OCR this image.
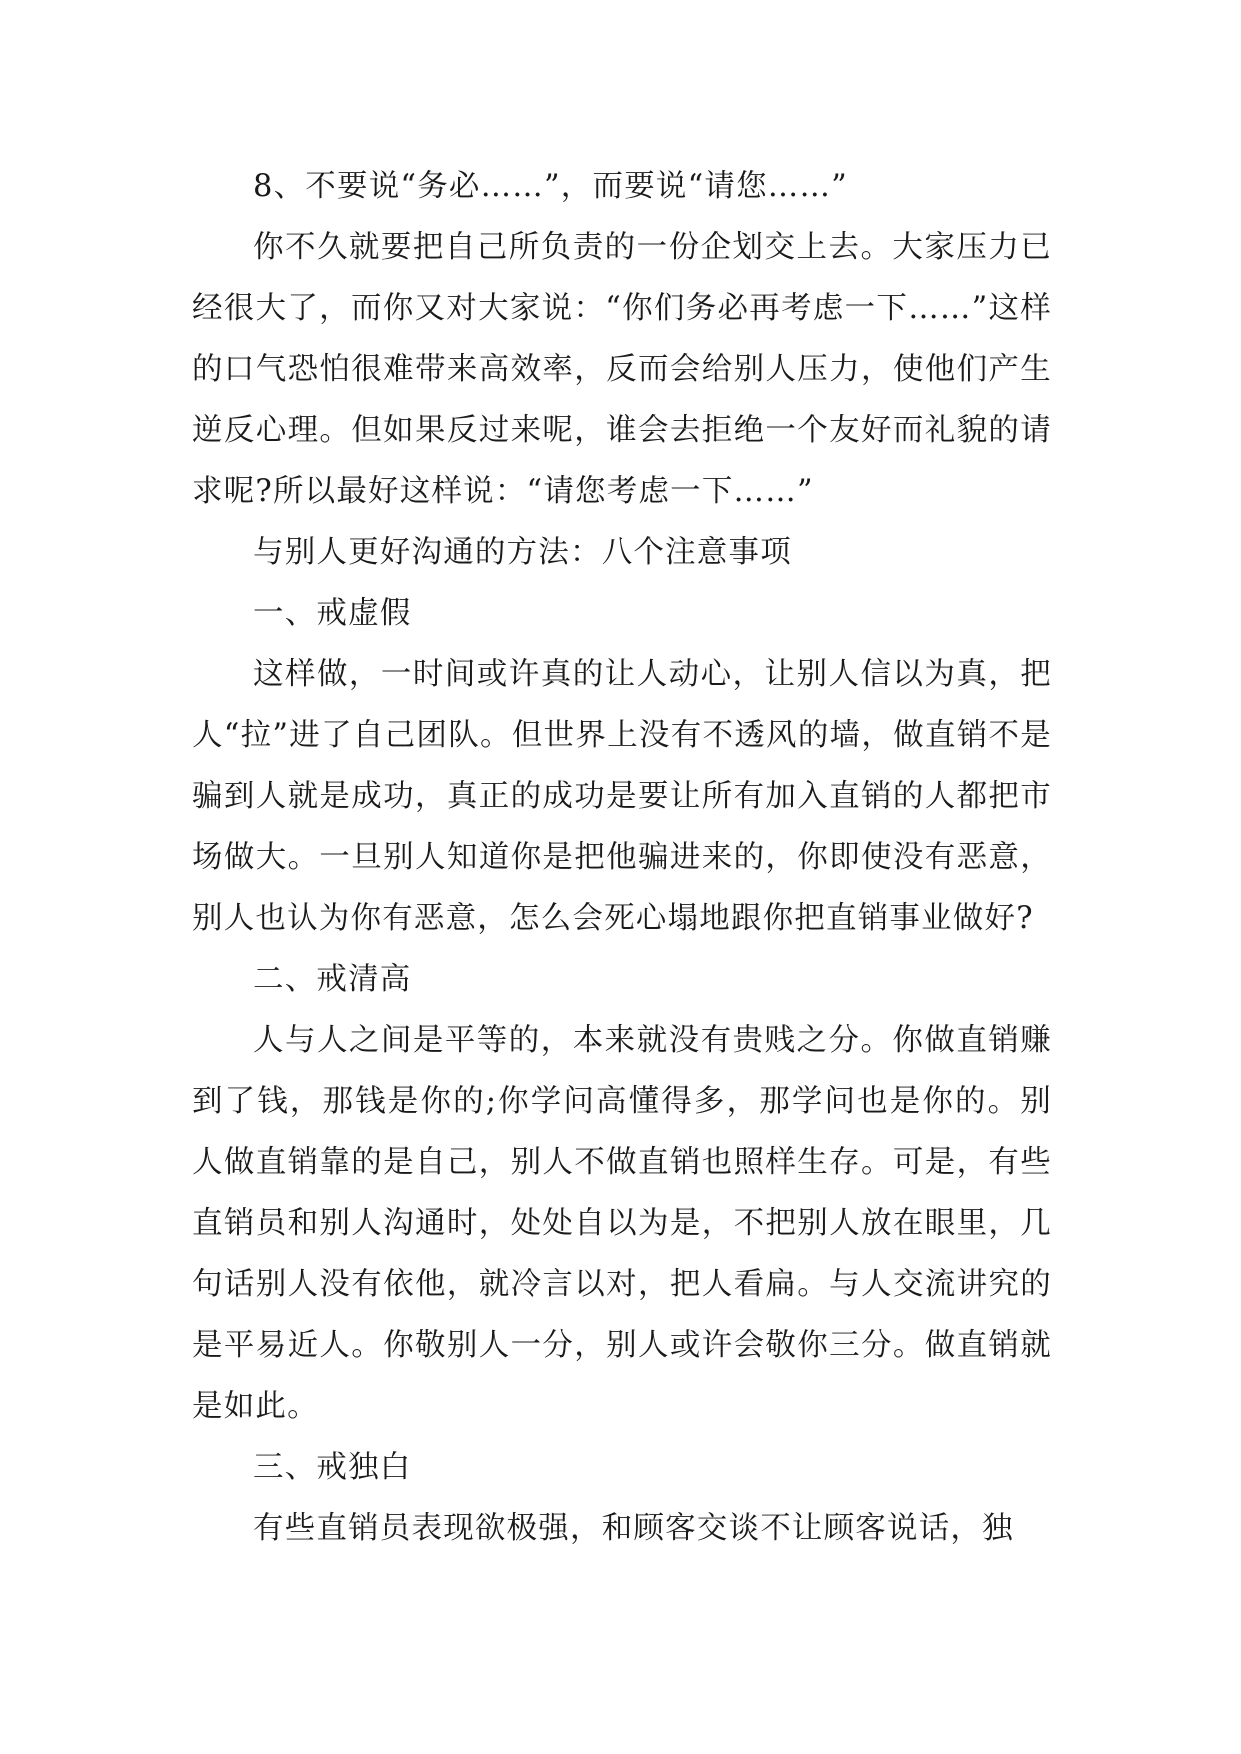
8、不要说“务必……”，而要说“请您……”

你不久就要把自己所负责的一份企划交上去。大家压力已经很大了，而你又对大家说：“你们务必再考虑一下……”这样的口气恐怕很难带来高效率，反而会给别人压力，使他们产生逆反心理。但如果反过来呢，谁会去拒绝一个友好而礼貌的请求呢?所以最好这样说：“请您考虑一下……”

与别人更好沟通的方法：八个注意事项

一、戒虚假

这样做，一时间或许真的让人动心，让别人信以为真，把人“拉”进了自己团队。但世界上没有不透风的墙，做直销不是骗到人就是成功，真正的成功是要让所有加入直销的人都把市场做大。一旦别人知道你是把他骗进来的，你即使没有恶意，别人也认为你有恶意，怎么会死心塌地跟你把直销事业做好?

二、戒清高

人与人之间是平等的，本来就没有贵贱之分。你做直销赚到了钱，那钱是你的;你学问高懂得多，那学问也是你的。别人做直销靠的是自己，别人不做直销也照样生存。可是，有些直销员和别人沟通时，处处自以为是，不把别人放在眼里，几句话别人没有依他，就冷言以对，把人看扁。与人交流讲究的是平易近人。你敬别人一分，别人或许会敬你三分。做直销就是如此。

三、戒独白

有些直销员表现欲极强，和顾客交谈不让顾客说话，独
